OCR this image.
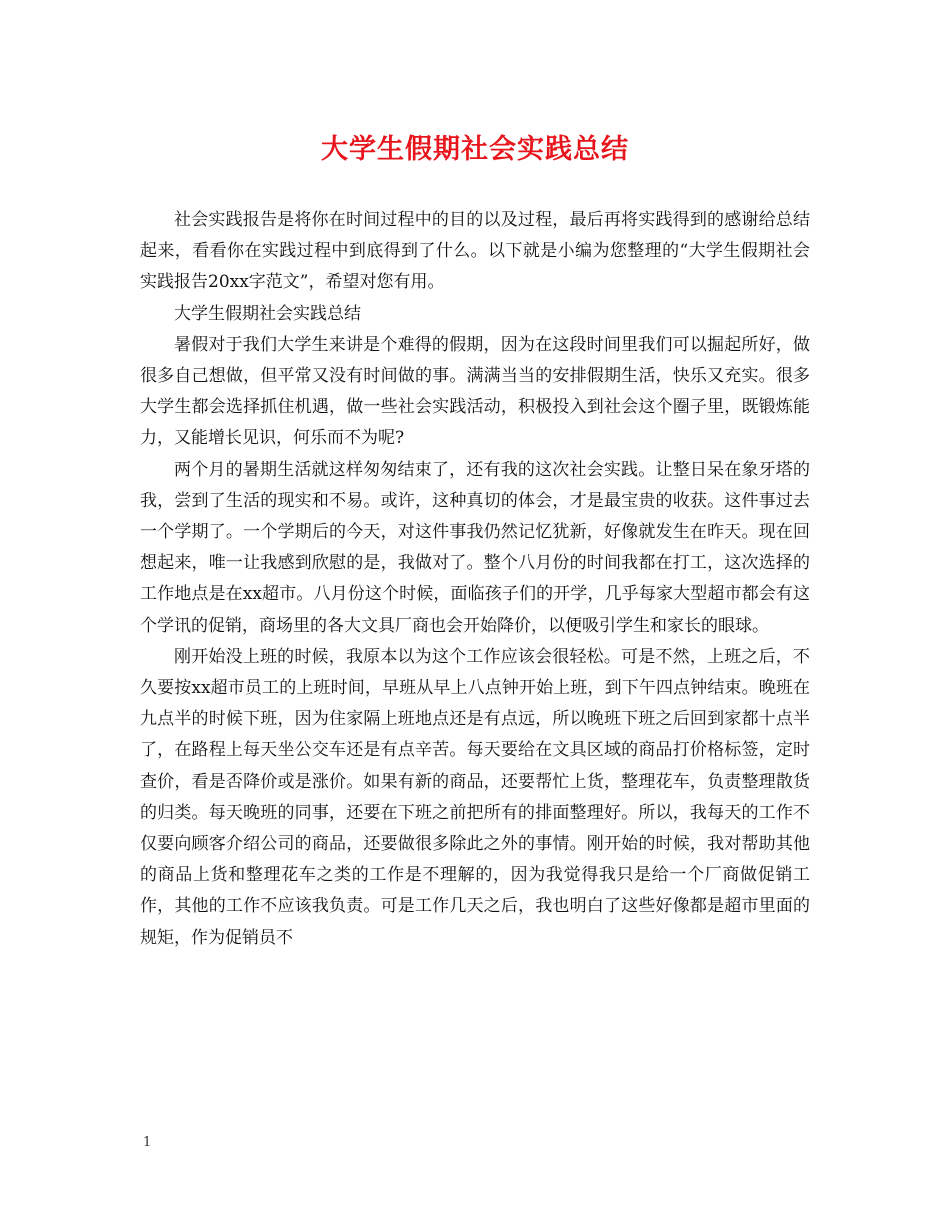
大学生假期社会实践总结

社会实践报告是将你在时间过程中的目的以及过程，最后再将实践得到的感谢给总结起来，看看你在实践过程中到底得到了什么。以下就是小编为您整理的“大学生假期社会实践报告20xx字范文”，希望对您有用。

大学生假期社会实践总结

暑假对于我们大学生来讲是个难得的假期，因为在这段时间里我们可以掘起所好，做很多自己想做，但平常又没有时间做的事。满满当当的安排假期生活，快乐又充实。很多大学生都会选择抓住机遇，做一些社会实践活动，积极投入到社会这个圈子里，既锻炼能力，又能增长见识，何乐而不为呢?

两个月的暑期生活就这样匆匆结束了，还有我的这次社会实践。让整日呆在象牙塔的我，尝到了生活的现实和不易。或许，这种真切的体会，才是最宝贵的收获。这件事过去一个学期了。一个学期后的今天，对这件事我仍然记忆犹新，好像就发生在昨天。现在回想起来，唯一让我感到欣慰的是，我做对了。整个八月份的时间我都在打工，这次选择的工作地点是在xx超市。八月份这个时候，面临孩子们的开学，几乎每家大型超市都会有这个学讯的促销，商场里的各大文具厂商也会开始降价，以便吸引学生和家长的眼球。

刚开始没上班的时候，我原本以为这个工作应该会很轻松。可是不然，上班之后，不久要按xx超市员工的上班时间，早班从早上八点钟开始上班，到下午四点钟结束。晚班在九点半的时候下班，因为住家隔上班地点还是有点远，所以晚班下班之后回到家都十点半了，在路程上每天坐公交车还是有点辛苦。每天要给在文具区域的商品打价格标签，定时查价，看是否降价或是涨价。如果有新的商品，还要帮忙上货，整理花车，负责整理散货的归类。每天晚班的同事，还要在下班之前把所有的排面整理好。所以，我每天的工作不仅要向顾客介绍公司的商品，还要做很多除此之外的事情。刚开始的时候，我对帮助其他的商品上货和整理花车之类的工作是不理解的，因为我觉得我只是给一个厂商做促销工作，其他的工作不应该我负责。可是工作几天之后，我也明白了这些好像都是超市里面的规矩，作为促销员不

1
